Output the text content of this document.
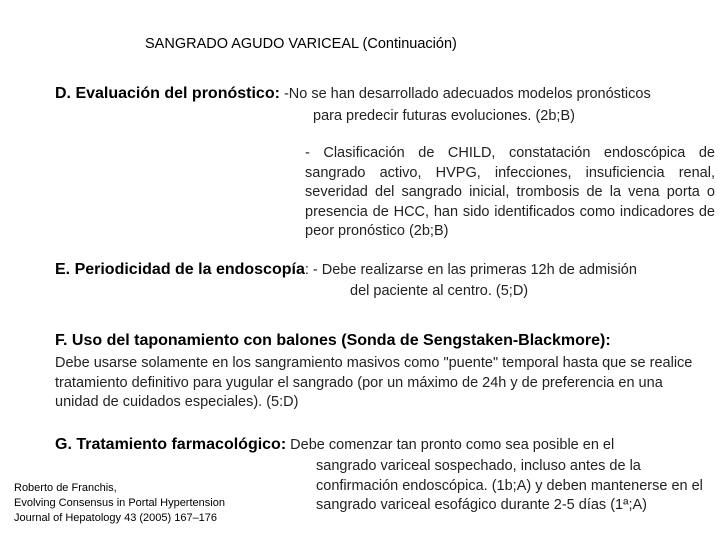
SANGRADO AGUDO VARICEAL (Continuación)
D. Evaluación del pronóstico: -No se han desarrollado adecuados modelos pronósticos
para predecir futuras evoluciones. (2b;B)
- Clasificación de CHILD, constatación endoscópica de sangrado activo, HVPG, infecciones, insuficiencia renal, severidad del sangrado inicial, trombosis de la vena porta o presencia de HCC, han sido identificados como indicadores de peor pronóstico (2b;B)
E. Periodicidad de la endoscopía: - Debe realizarse en las primeras 12h de admisión
del paciente al centro. (5;D)
F. Uso del taponamiento con balones (Sonda de Sengstaken-Blackmore):
Debe usarse solamente en los sangramiento masivos como "puente" temporal hasta que se realice tratamiento definitivo para yugular el sangrado (por un máximo de 24h y de preferencia en una unidad de cuidados especiales). (5:D)
G. Tratamiento farmacológico: Debe comenzar tan pronto como sea posible en el
sangrado variceal sospechado, incluso antes de la confirmación endoscópica. (1b;A) y deben mantenerse en el sangrado variceal esofágico durante 2-5 días (1ª;A)
Roberto de Franchis,
Evolving Consensus in Portal Hypertension
Journal of Hepatology 43 (2005) 167–176
